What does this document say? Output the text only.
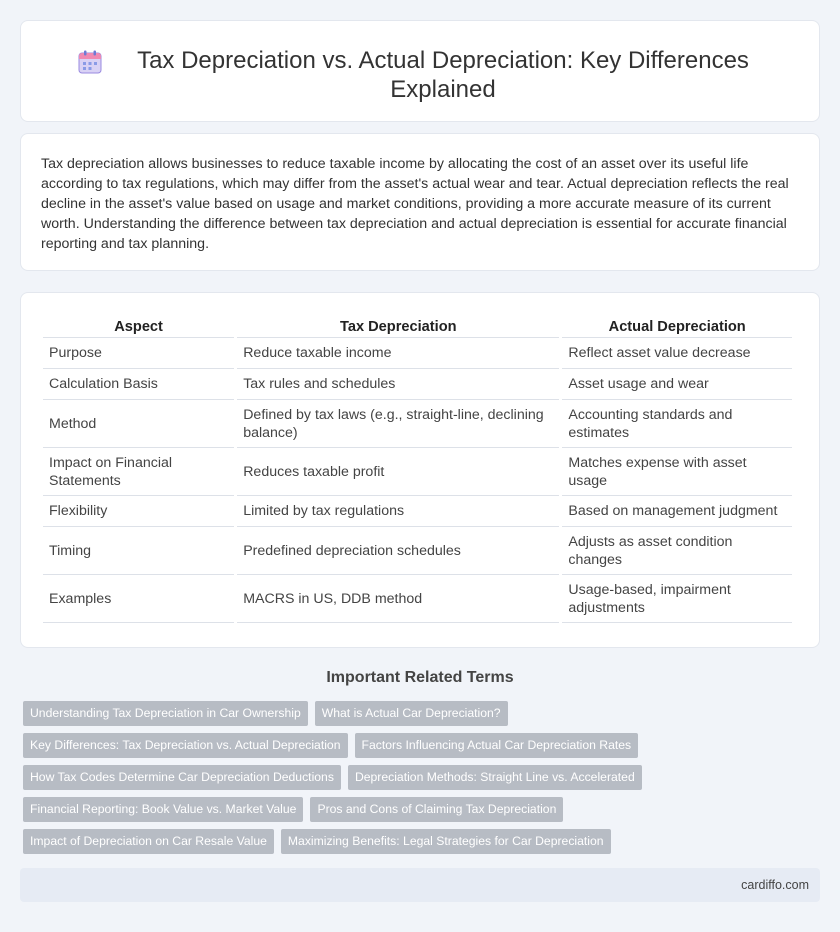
Tax Depreciation vs. Actual Depreciation: Key Differences Explained

Tax depreciation allows businesses to reduce taxable income by allocating the cost of an asset over its useful life according to tax regulations, which may differ from the asset's actual wear and tear. Actual depreciation reflects the real decline in the asset's value based on usage and market conditions, providing a more accurate measure of its current worth. Understanding the difference between tax depreciation and actual depreciation is essential for accurate financial reporting and tax planning.

Aspect	Tax Depreciation	Actual Depreciation
Purpose	Reduce taxable income	Reflect asset value decrease
Calculation Basis	Tax rules and schedules	Asset usage and wear
Method	Defined by tax laws (e.g., straight-line, declining balance)	Accounting standards and estimates
Impact on Financial Statements	Reduces taxable profit	Matches expense with asset usage
Flexibility	Limited by tax regulations	Based on management judgment
Timing	Predefined depreciation schedules	Adjusts as asset condition changes
Examples	MACRS in US, DDB method	Usage-based, impairment adjustments
Important Related Terms
Understanding Tax Depreciation in Car Ownership	What is Actual Car Depreciation?
Key Differences: Tax Depreciation vs. Actual Depreciation	Factors Influencing Actual Car Depreciation Rates
How Tax Codes Determine Car Depreciation Deductions	Depreciation Methods: Straight Line vs. Accelerated
Financial Reporting: Book Value vs. Market Value	Pros and Cons of Claiming Tax Depreciation
Impact of Depreciation on Car Resale Value	Maximizing Benefits: Legal Strategies for Car Depreciation
cardiffo.com
